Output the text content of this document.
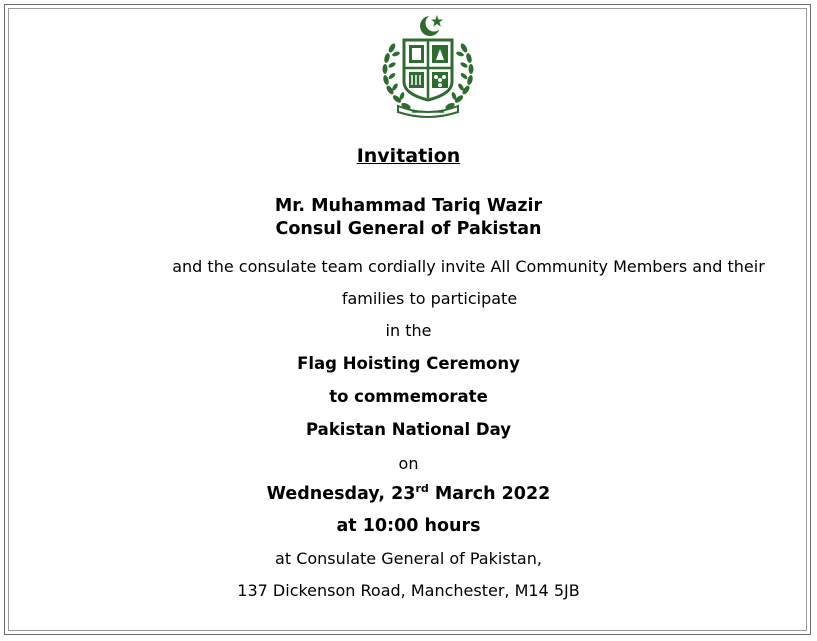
Invitation
Mr. Muhammad Tariq Wazir
Consul General of Pakistan
and the consulate team cordially invite All Community Members and their
families to participate
in the
Flag Hoisting Ceremony
to commemorate
Pakistan National Day
on
Wednesday, 23rd March 2022
at 10:00 hours
at Consulate General of Pakistan,
137 Dickenson Road, Manchester, M14 5JB
